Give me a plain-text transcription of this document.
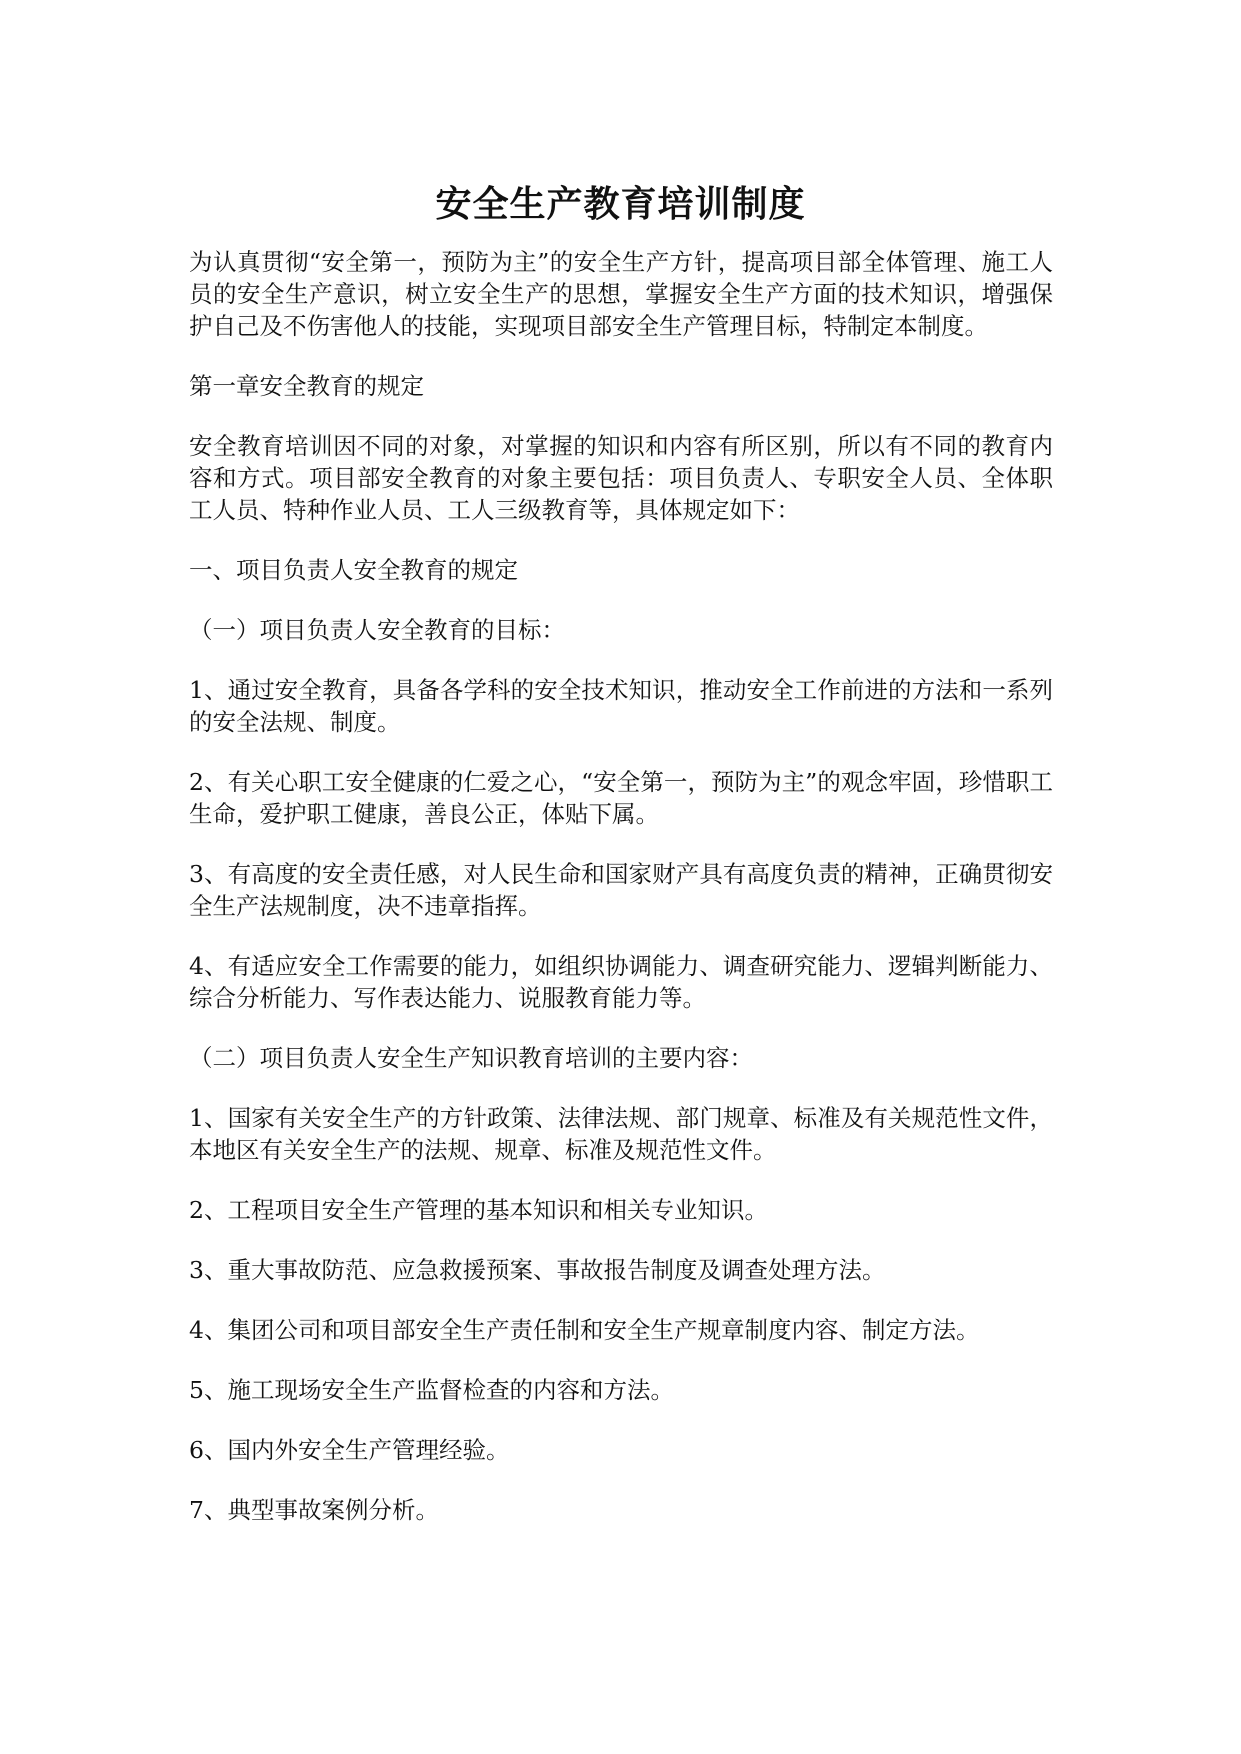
安全生产教育培训制度

为认真贯彻“安全第一，预防为主”的安全生产方针，提高项目部全体管理、施工人员的安全生产意识，树立安全生产的思想，掌握安全生产方面的技术知识，增强保护自己及不伤害他人的技能，实现项目部安全生产管理目标，特制定本制度。

第一章安全教育的规定

安全教育培训因不同的对象，对掌握的知识和内容有所区别，所以有不同的教育内容和方式。项目部安全教育的对象主要包括：项目负责人、专职安全人员、全体职工人员、特种作业人员、工人三级教育等，具体规定如下：

一、项目负责人安全教育的规定

（一）项目负责人安全教育的目标：

1、通过安全教育，具备各学科的安全技术知识，推动安全工作前进的方法和一系列的安全法规、制度。

2、有关心职工安全健康的仁爱之心，“安全第一，预防为主”的观念牢固，珍惜职工生命，爱护职工健康，善良公正，体贴下属。

3、有高度的安全责任感，对人民生命和国家财产具有高度负责的精神，正确贯彻安全生产法规制度，决不违章指挥。

4、有适应安全工作需要的能力，如组织协调能力、调查研究能力、逻辑判断能力、综合分析能力、写作表达能力、说服教育能力等。

（二）项目负责人安全生产知识教育培训的主要内容：

1、国家有关安全生产的方针政策、法律法规、部门规章、标准及有关规范性文件，本地区有关安全生产的法规、规章、标准及规范性文件。

2、工程项目安全生产管理的基本知识和相关专业知识。

3、重大事故防范、应急救援预案、事故报告制度及调查处理方法。

4、集团公司和项目部安全生产责任制和安全生产规章制度内容、制定方法。

5、施工现场安全生产监督检查的内容和方法。

6、国内外安全生产管理经验。

7、典型事故案例分析。
